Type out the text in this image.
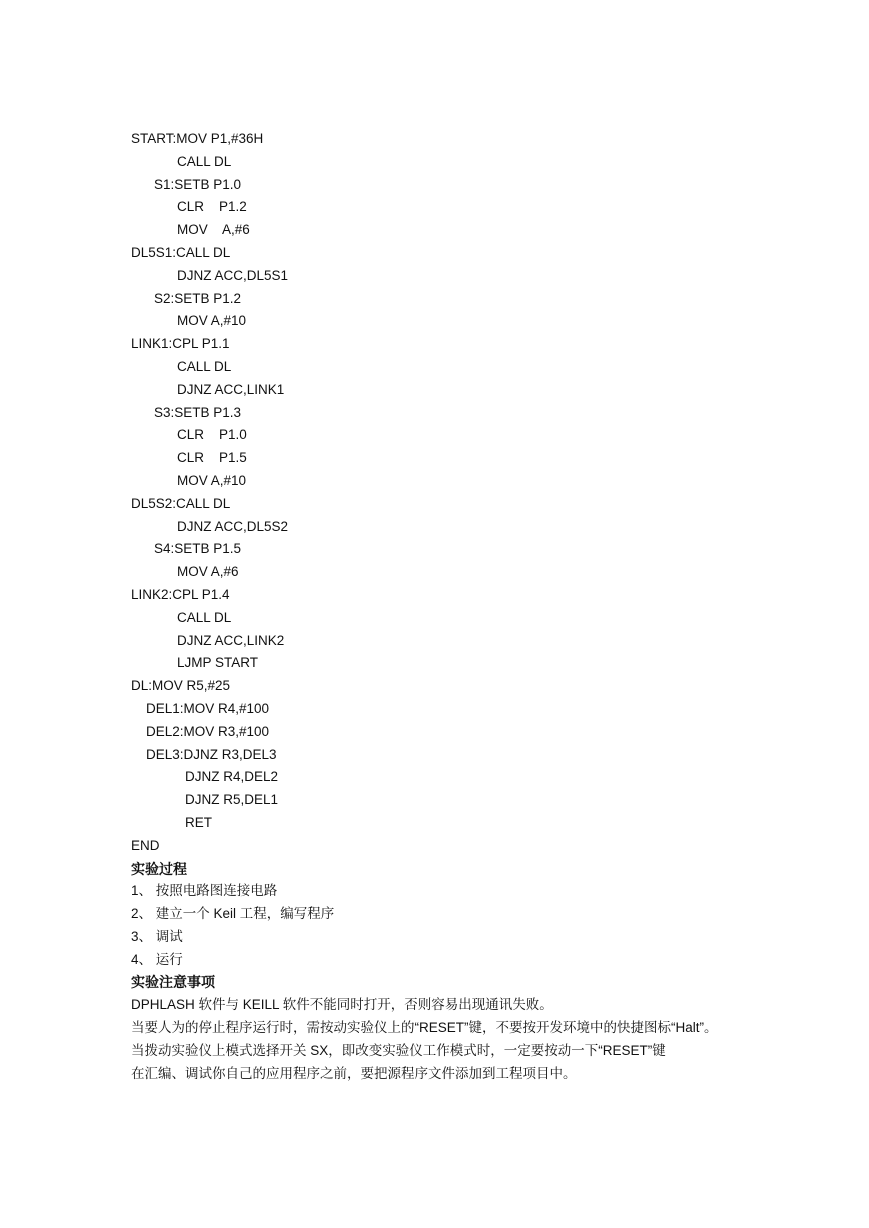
START:MOV P1,#36H
CALL DL
S1:SETB P1.0
CLR    P1.2
MOV    A,#6
DL5S1:CALL DL
DJNZ ACC,DL5S1
S2:SETB P1.2
MOV A,#10
LINK1:CPL P1.1
CALL DL
DJNZ ACC,LINK1
S3:SETB P1.3
CLR    P1.0
CLR    P1.5
MOV A,#10
DL5S2:CALL DL
DJNZ ACC,DL5S2
S4:SETB P1.5
MOV A,#6
LINK2:CPL P1.4
CALL DL
DJNZ ACC,LINK2
LJMP START
DL:MOV R5,#25
DEL1:MOV R4,#100
DEL2:MOV R3,#100
DEL3:DJNZ R3,DEL3
DJNZ R4,DEL2
DJNZ R5,DEL1
RET
END
实验过程
1、 按照电路图连接电路
2、 建立一个 Keil 工程，编写程序
3、 调试
4、 运行
实验注意事项
DPHLASH 软件与 KEILL 软件不能同时打开，否则容易出现通讯失败。
当要人为的停止程序运行时，需按动实验仪上的“RESET”键，不要按开发环境中的快捷图标“Halt”。
当拨动实验仪上模式选择开关 SX，即改变实验仪工作模式时，一定要按动一下“RESET”键
在汇编、调试你自己的应用程序之前，要把源程序文件添加到工程项目中。
